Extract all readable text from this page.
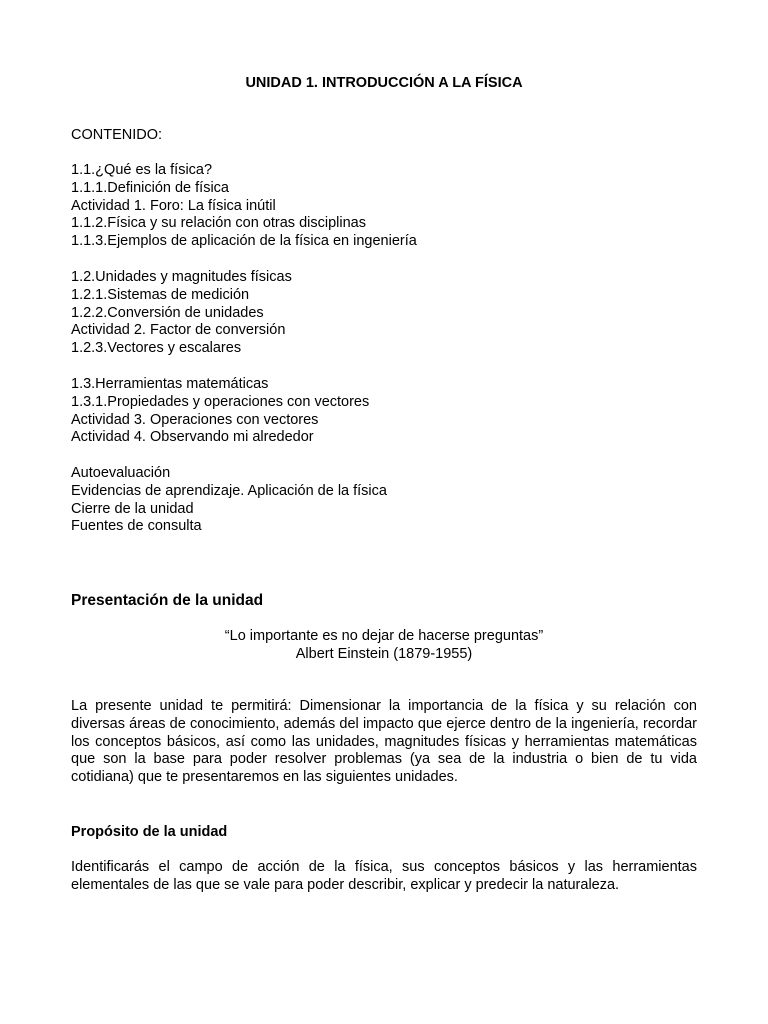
UNIDAD 1. INTRODUCCIÓN A LA FÍSICA

CONTENIDO:

1.1.¿Qué es la física?
1.1.1.Definición de física
Actividad 1. Foro: La física inútil
1.1.2.Física y su relación con otras disciplinas
1.1.3.Ejemplos de aplicación de la física en ingeniería
1.2.Unidades y magnitudes físicas
1.2.1.Sistemas de medición
1.2.2.Conversión de unidades
Actividad 2. Factor de conversión
1.2.3.Vectores y escalares
1.3.Herramientas matemáticas
1.3.1.Propiedades y operaciones con vectores
Actividad 3. Operaciones con vectores
Actividad 4. Observando mi alrededor
Autoevaluación
Evidencias de aprendizaje. Aplicación de la física
Cierre de la unidad
Fuentes de consulta
Presentación de la unidad
“Lo importante es no dejar de hacerse preguntas”
Albert Einstein (1879-1955)

La presente unidad te permitirá: Dimensionar la importancia de la física y su relación con diversas áreas de conocimiento, además del impacto que ejerce dentro de la ingeniería, recordar los conceptos básicos, así como las unidades, magnitudes físicas y herramientas matemáticas que son la base para poder resolver problemas (ya sea de la industria o bien de tu vida cotidiana) que te presentaremos en las siguientes unidades.

Propósito de la unidad

Identificarás el campo de acción de la física, sus conceptos básicos y las herramientas elementales de las que se vale para poder describir, explicar y predecir la naturaleza.
